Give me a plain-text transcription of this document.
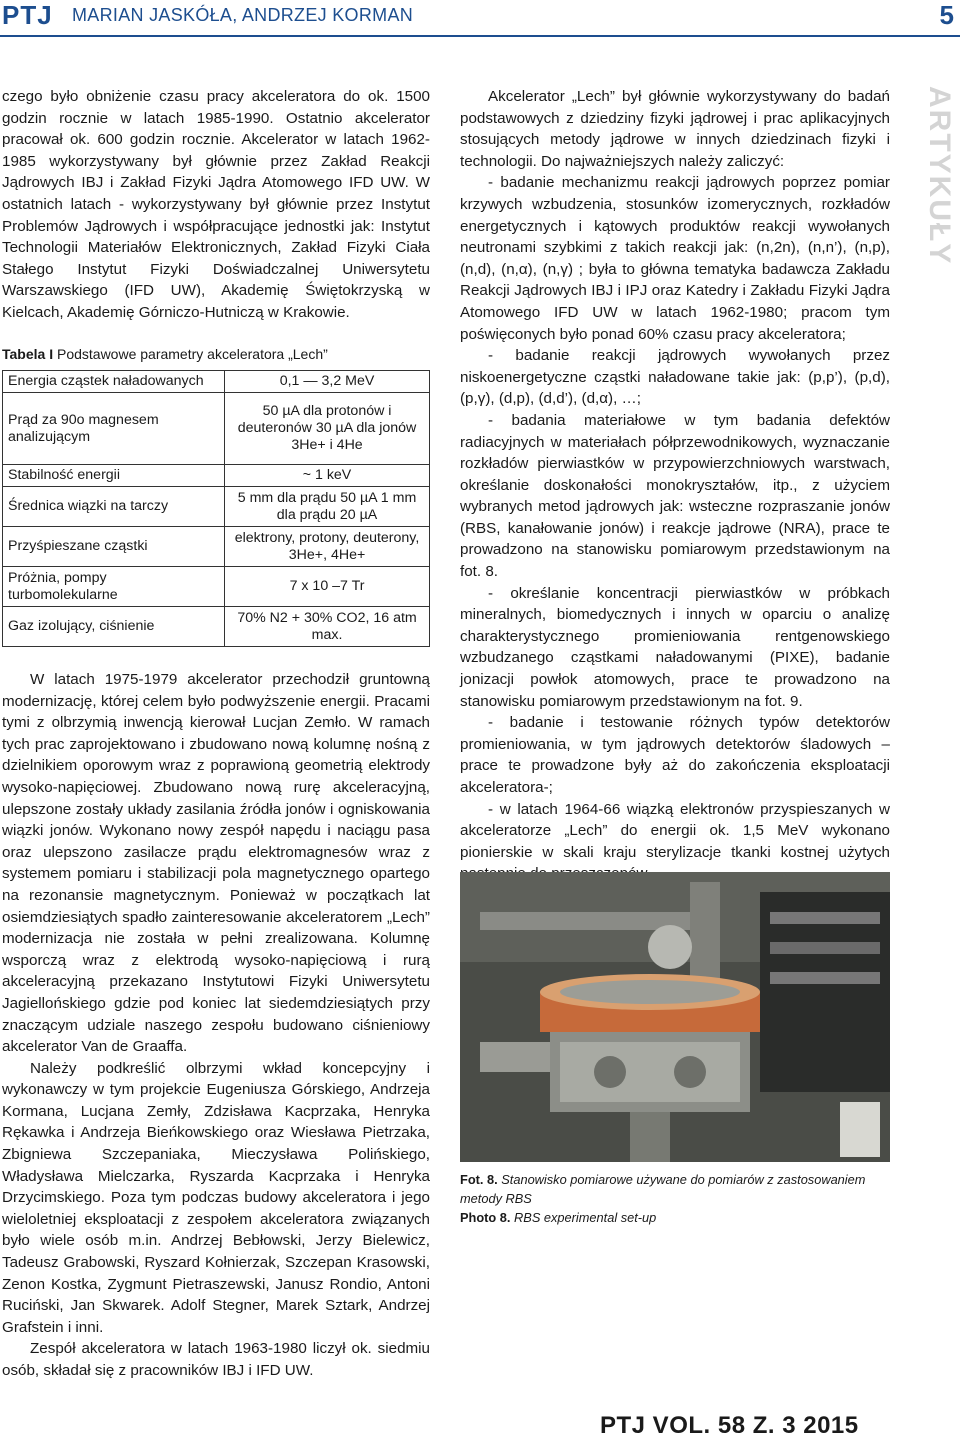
PTJ MARIAN JASKÓŁA, ANDRZEJ KORMAN	5
ARTYKUŁY

czego było obniżenie czasu pracy akceleratora do ok. 1500 godzin rocznie w latach 1985-1990. Ostatnio akcelerator pracował ok. 600 godzin rocznie. Akcelerator w latach 1962-1985 wykorzystywany był głównie przez Zakład Reakcji Jądrowych IBJ i Zakład Fizyki Jądra Atomowego IFD UW. W ostatnich latach - wykorzystywany był głównie przez Instytut Problemów Jądrowych i współpracujące jednostki jak: Instytut Technologii Materiałów Elektronicznych, Zakład Fizyki Ciała Stałego Instytut Fizyki Doświadczalnej Uniwersytetu Warszawskiego (IFD UW), Akademię Świętokrzyską w Kielcach, Akademię Górniczo-Hutniczą w Krakowie.

Tabela I Podstawowe parametry akceleratora „Lech”
Energia cząstek naładowanych	0,1 — 3,2 MeV
Prąd za 90o magnesem analizującym	50 µA dla protonów i deuteronów 30 µA dla jonów 3He+ i 4He
Stabilność energii	~ 1 keV
Średnica wiązki na tarczy	5 mm dla prądu 50 µA 1 mm dla prądu 20 µA
Przyśpieszane cząstki	elektrony, protony, deuterony, 3He+, 4He+
Próżnia, pompy turbomolekularne	7 x 10 –7 Tr
Gaz izolujący, ciśnienie	70% N2 + 30% CO2, 16 atm max.

W latach 1975-1979 akcelerator przechodził gruntowną modernizację, której celem było podwyższenie energii. Pracami tymi z olbrzymią inwencją kierował Lucjan Zemło. W ramach tych prac zaprojektowano i zbudowano nową kolumnę nośną z dzielnikiem oporowym wraz z poprawioną geometrią elektrody wysoko-napięciowej. Zbudowano nową rurę akceleracyjną, ulepszone zostały układy zasilania źródła jonów i ogniskowania wiązki jonów. Wykonano nowy zespół napędu i naciągu pasa oraz ulepszono zasilacze prądu elektromagnesów wraz z systemem pomiaru i stabilizacji pola magnetycznego opartego na rezonansie magnetycznym. Ponieważ w początkach lat osiemdziesiątych spadło zainteresowanie akceleratorem „Lech” modernizacja nie została w pełni zrealizowana. Kolumnę wsporczą wraz z elektrodą wysoko-napięciową i rurą akceleracyjną przekazano Instytutowi Fizyki Uniwersytetu Jagiellońskiego gdzie pod koniec lat siedemdziesiątych przy znaczącym udziale naszego zespołu budowano ciśnieniowy akcelerator Van de Graaffa.

Należy podkreślić olbrzymi wkład koncepcyjny i wykonawczy w tym projekcie Eugeniusza Górskiego, Andrzeja Kormana, Lucjana Zemły, Zdzisława Kacprzaka, Henryka Rękawka i Andrzeja Bieńkowskiego oraz Wiesława Pietrzaka, Zbigniewa Szczepaniaka, Mieczysława Polińskiego, Władysława Mielczarka, Ryszarda Kacprzaka i Henryka Drzycimskiego. Poza tym podczas budowy akceleratora i jego wieloletniej eksploatacji z zespołem akceleratora związanych było wiele osób m.in. Andrzej Bebłowski, Jerzy Bielewicz, Tadeusz Grabowski, Ryszard Kołnierzak, Szczepan Krasowski, Zenon Kostka, Zygmunt Pietraszewski, Janusz Rondio, Antoni Ruciński, Jan Skwarek. Adolf Stegner, Marek Sztark, Andrzej Grafstein i inni.

Zespół akceleratora w latach 1963-1980 liczył ok. siedmiu osób, składał się z pracowników IBJ i IFD UW.

Akcelerator „Lech” był głównie wykorzystywany do badań podstawowych z dziedziny fizyki jądrowej i prac aplikacyjnych stosujących metody jądrowe w innych dziedzinach fizyki i technologii. Do najważniejszych należy zaliczyć:

- badanie mechanizmu reakcji jądrowych poprzez pomiar krzywych wzbudzenia, stosunków izomerycznych, rozkładów energetycznych i kątowych produktów reakcji wywołanych neutronami szybkimi z takich reakcji jak: (n,2n), (n,n’), (n,p), (n,d), (n,α), (n,γ) ; była to główna tematyka badawcza Zakładu Reakcji Jądrowych IBJ i IPJ oraz Katedry i Zakładu Fizyki Jądra Atomowego IFD UW w latach 1962-1980; pracom tym poświęconych było ponad 60% czasu pracy akceleratora;

- badanie reakcji jądrowych wywołanych przez niskoenergetyczne cząstki naładowane takie jak: (p,p’), (p,d), (p,γ), (d,p), (d,d’), (d,α), …;

- badania materiałowe w tym badania defektów radiacyjnych w materiałach półprzewodnikowych, wyznaczanie rozkładów pierwiastków w przypowierzchniowych warstwach, określanie doskonałości monokryształów, itp., z użyciem wybranych metod jądrowych jak: wsteczne rozpraszanie jonów (RBS, kanałowanie jonów) i reakcje jądrowe (NRA), prace te prowadzono na stanowisku pomiarowym przedstawionym na fot. 8.

- określanie koncentracji pierwiastków w próbkach mineralnych, biomedycznych i innych w oparciu o analizę charakterystycznego promieniowania rentgenowskiego wzbudzanego cząstkami naładowanymi (PIXE), badanie jonizacji powłok atomowych, prace te prowadzono na stanowisku pomiarowym przedstawionym na fot. 9.

- badanie i testowanie różnych typów detektorów promieniowania, w tym jądrowych detektorów śladowych – prace te prowadzone były aż do zakończenia eksploatacji akceleratora-;

- w latach 1964-66 wiązką elektronów przyspieszanych w akceleratorze „Lech” do energii ok. 1,5 MeV wykonano pionierskie w skali kraju sterylizacje tkanki kostnej użytych

Fot. 8. Stanowisko pomiarowe używane do pomiarów z zastosowaniem metody RBS
Photo 8. RBS experimental set-up
PTJ VOL. 58 Z. 3 2015
